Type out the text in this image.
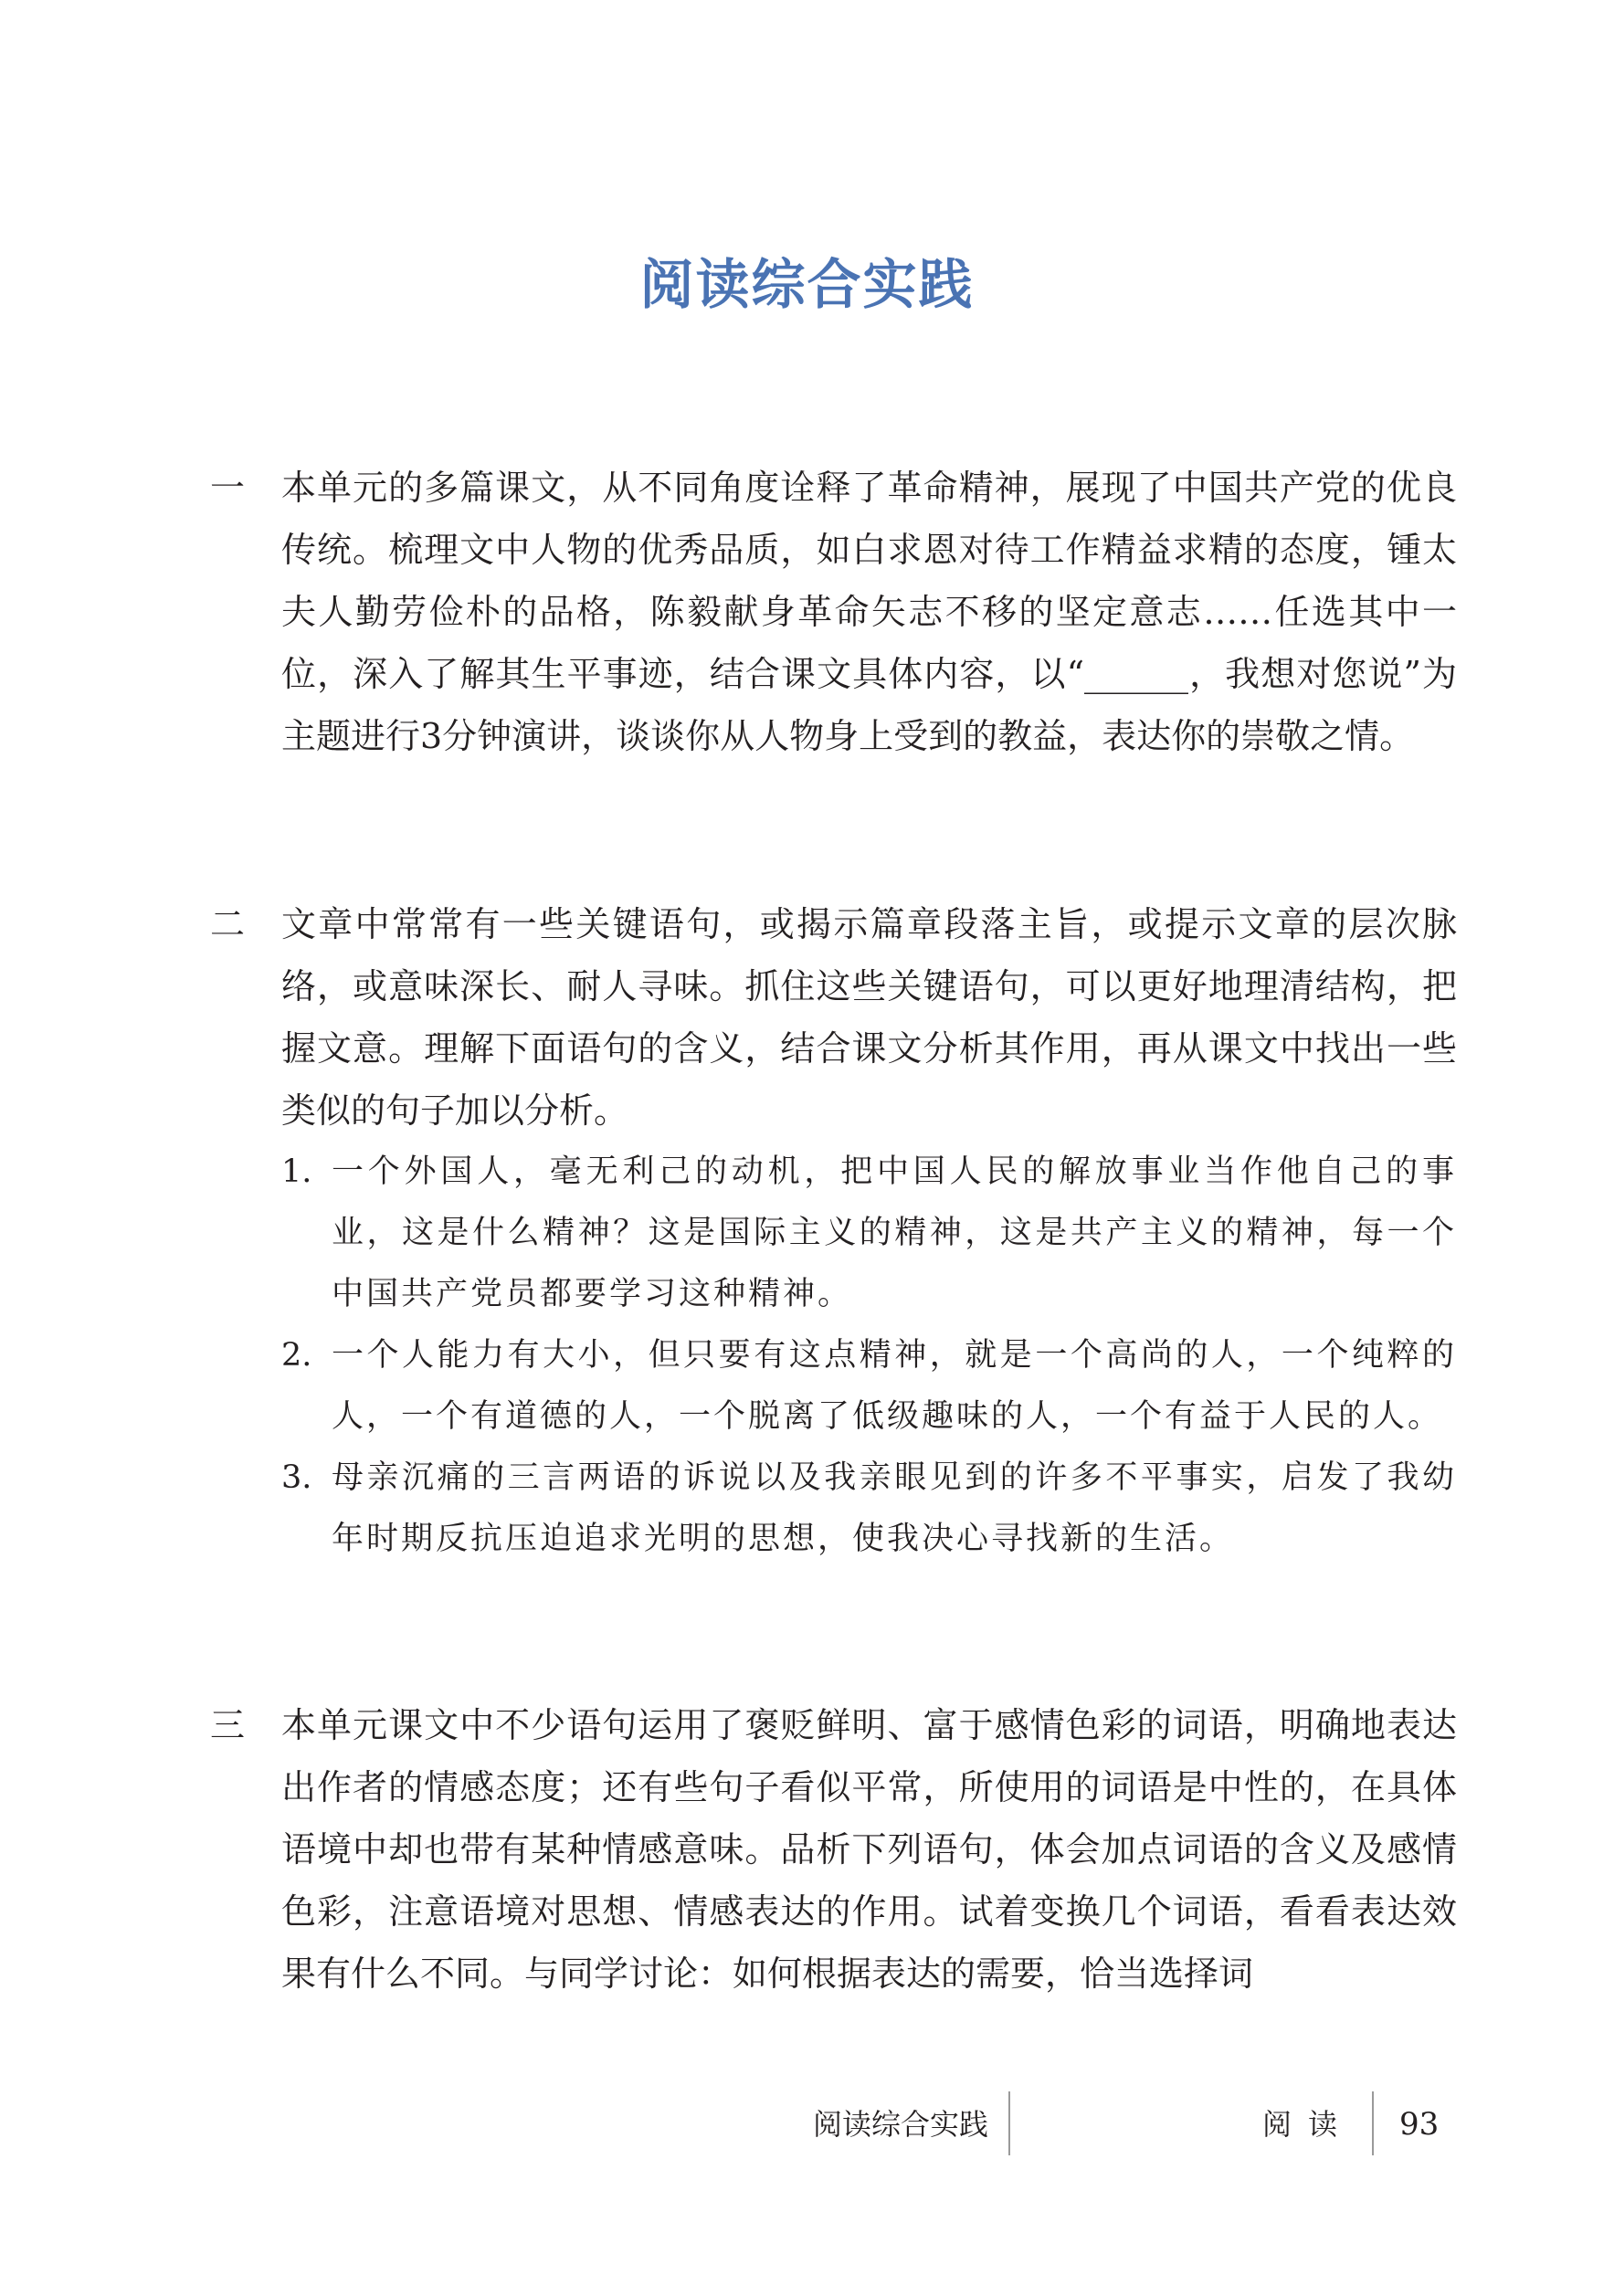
阅读综合实践
一	本单元的多篇课文，从不同角度诠释了革命精神，展现了中国共产党的优良传统。梳理文中人物的优秀品质，如白求恩对待工作精益求精的态度，锺太夫人勤劳俭朴的品格，陈毅献身革命矢志不移的坚定意志……任选其中一位，深入了解其生平事迹，结合课文具体内容，以“______，我想对您说”为主题进行3分钟演讲，谈谈你从人物身上受到的教益，表达你的崇敬之情。

二	文章中常常有一些关键语句，或揭示篇章段落主旨，或提示文章的层次脉络，或意味深长、耐人寻味。抓住这些关键语句，可以更好地理清结构，把握文意。理解下面语句的含义，结合课文分析其作用，再从课文中找出一些类似的句子加以分析。

1. 一个外国人，毫无利己的动机，把中国人民的解放事业当作他自己的事业，这是什么精神？这是国际主义的精神，这是共产主义的精神，每一个中国共产党员都要学习这种精神。
2. 一个人能力有大小，但只要有这点精神，就是一个高尚的人，一个纯粹的人，一个有道德的人，一个脱离了低级趣味的人，一个有益于人民的人。
3. 母亲沉痛的三言两语的诉说以及我亲眼见到的许多不平事实，启发了我幼年时期反抗压迫追求光明的思想，使我决心寻找新的生活。
三	本单元课文中不少语句运用了褒贬鲜明、富于感情色彩的词语，明确地表达出作者的情感态度；还有些句子看似平常，所使用的词语是中性的，在具体语境中却也带有某种情感意味。品析下列语句，体会加点词语的含义及感情色彩，注意语境对思想、情感表达的作用。试着变换几个词语，看看表达效果有什么不同。与同学讨论：如何根据表达的需要，恰当选择词

阅读综合实践	阅读 93
